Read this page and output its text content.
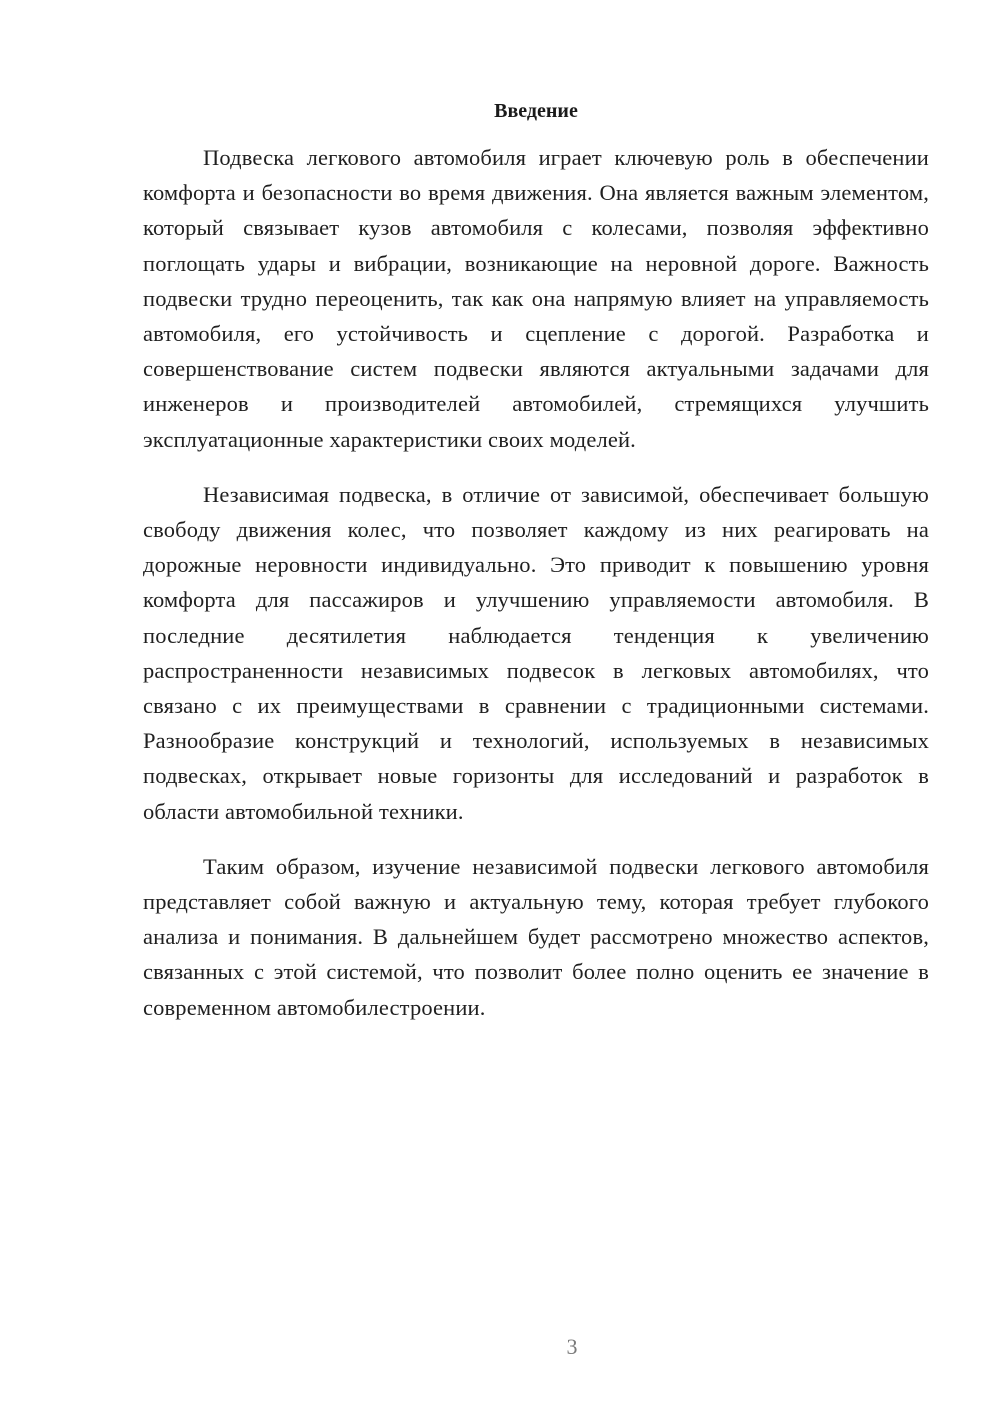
Введение

Подвеска легкового автомобиля играет ключевую роль в обеспечении комфорта и безопасности во время движения. Она является важным элементом, который связывает кузов автомобиля с колесами, позволяя эффективно поглощать удары и вибрации, возникающие на неровной дороге. Важность подвески трудно переоценить, так как она напрямую влияет на управляемость автомобиля, его устойчивость и сцепление с дорогой. Разработка и совершенствование систем подвески являются актуальными задачами для инженеров и производителей автомобилей, стремящихся улучшить эксплуатационные характеристики своих моделей.

Независимая подвеска, в отличие от зависимой, обеспечивает большую свободу движения колес, что позволяет каждому из них реагировать на дорожные неровности индивидуально. Это приводит к повышению уровня комфорта для пассажиров и улучшению управляемости автомобиля. В последние десятилетия наблюдается тенденция к увеличению распространенности независимых подвесок в легковых автомобилях, что связано с их преимуществами в сравнении с традиционными системами. Разнообразие конструкций и технологий, используемых в независимых подвесках, открывает новые горизонты для исследований и разработок в области автомобильной техники.

Таким образом, изучение независимой подвески легкового автомобиля представляет собой важную и актуальную тему, которая требует глубокого анализа и понимания. В дальнейшем будет рассмотрено множество аспектов, связанных с этой системой, что позволит более полно оценить ее значение в современном автомобилестроении.

3
